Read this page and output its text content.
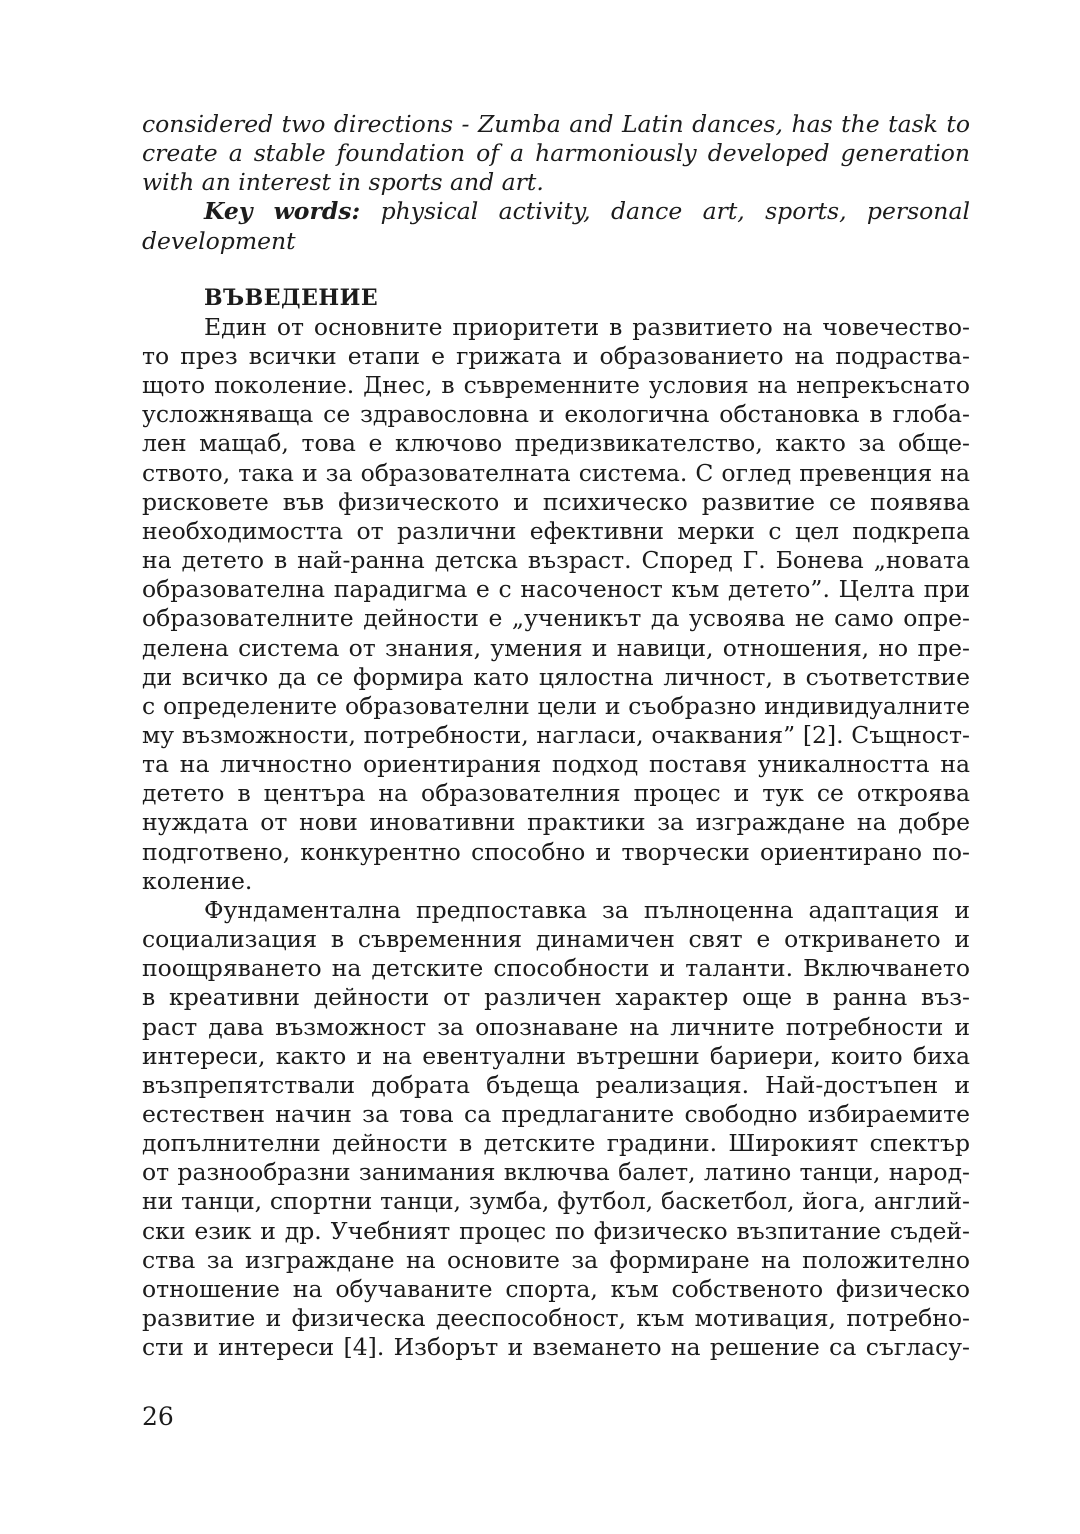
considered two directions - Zumba and Latin dances, has the task to
create a stable foundation of a harmoniously developed generation
with an interest in sports and art.
Key words: physical activity, dance art, sports, personal
development
ВЪВЕДЕНИЕ
Един от основните приоритети в развитието на човечество-
то през всички етапи е грижата и образованието на подраства-
щото поколение. Днес, в съвременните условия на непрекъснато
усложняваща се здравословна и екологична обстановка в глоба-
лен мащаб, това е ключово предизвикателство, както за обще-
ството, така и за образователната система. С оглед превенция на
рисковете във физическото и психическо развитие се появява
необходимостта от различни ефективни мерки с цел подкрепа
на детето в най-ранна детска възраст. Според Г. Бонева „новата
образователна парадигма е с насоченост към детето”. Целта при
образователните дейности е „ученикът да усвоява не само опре-
делена система от знания, умения и навици, отношения, но пре-
ди всичко да се формира като цялостна личност, в съответствие
с определените образователни цели и съобразно индивидуалните
му възможности, потребности, нагласи, очаквания” [2]. Същност-
та на личностно ориентирания подход поставя уникалността на
детето в центъра на образователния процес и тук се откроява
нуждата от нови иновативни практики за изграждане на добре
подготвено, конкурентно способно и творчески ориентирано по-
коление.
Фундаментална предпоставка за пълноценна адаптация и
социализация в съвременния динамичен свят е откриването и
поощряването на детските способности и таланти. Включването
в креативни дейности от различен характер още в ранна въз-
раст дава възможност за опознаване на личните потребности и
интереси, както и на евентуални вътрешни бариери, които биха
възпрепятствали добрата бъдеща реализация. Най-достъпен и
естествен начин за това са предлаганите свободно избираемите
допълнителни дейности в детските градини. Широкият спектър
от разнообразни занимания включва балет, латино танци, народ-
ни танци, спортни танци, зумба, футбол, баскетбол, йога, англий-
ски език и др. Учебният процес по физическо възпитание съдей-
ства за изграждане на основите за формиране на положително
отношение на обучаваните спорта, към собственото физическо
развитие и физическа дееспособност, към мотивация, потребно-
сти и интереси [4]. Изборът и вземането на решение са съгласу-
26
